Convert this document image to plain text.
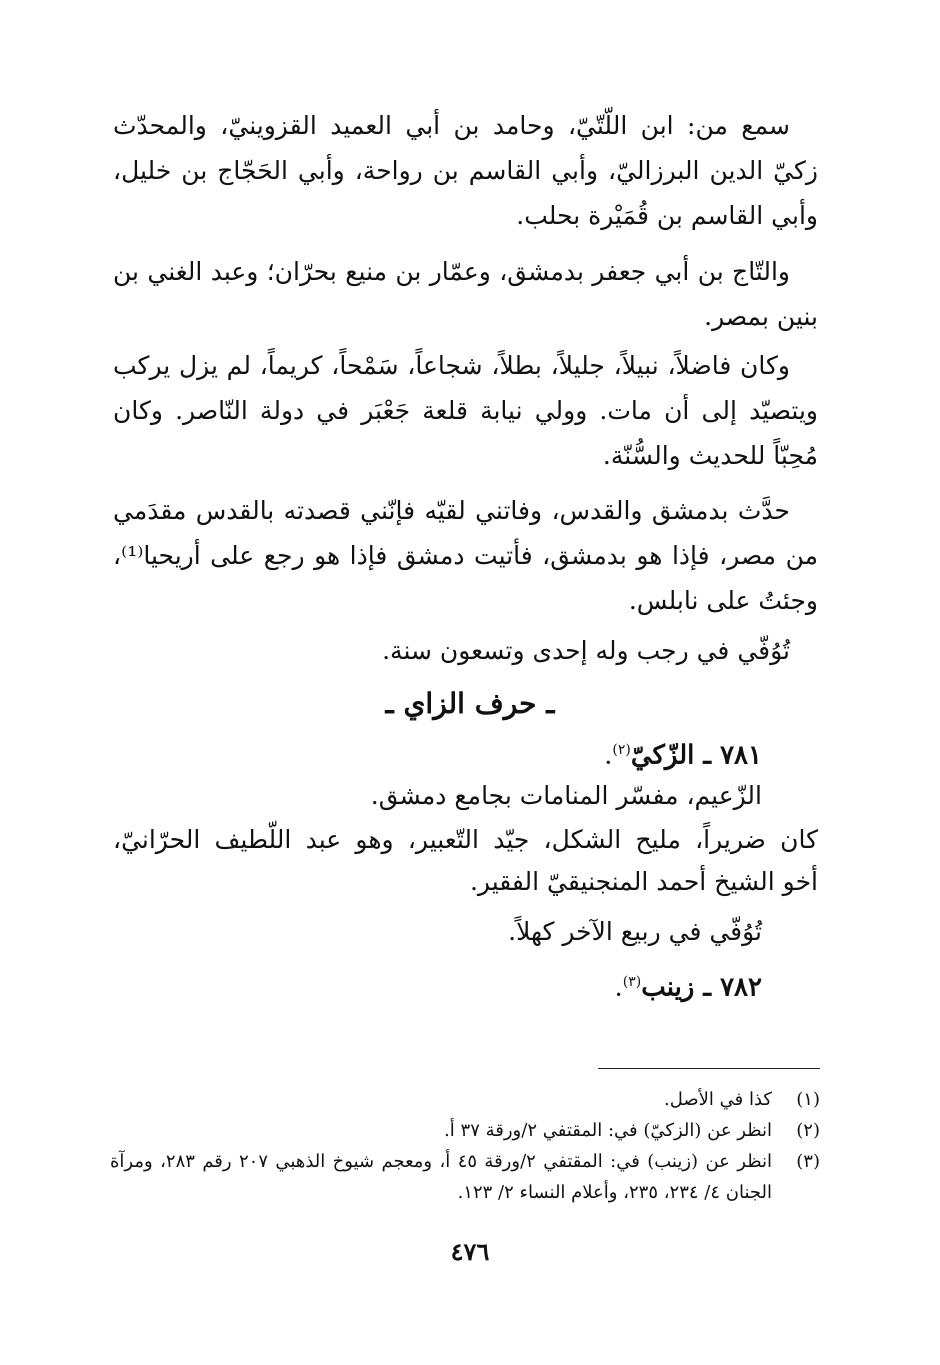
سمع من: ابن اللّتّيّ، وحامد بن أبي العميد القزوينيّ، والمحدّث زكيّ الدين البرزاليّ، وأبي القاسم بن رواحة، وأبي الحَجّاج بن خليل، وأبي القاسم بن قُمَيْرة بحلب.
والتّاج بن أبي جعفر بدمشق، وعمّار بن منيع بحرّان؛ وعبد الغني بن بنين بمصر.
وكان فاضلاً، نبيلاً، جليلاً، بطلاً، شجاعاً، سَمْحاً، كريماً، لم يزل يركب ويتصيّد إلى أن مات. وولي نيابة قلعة جَعْبَر في دولة النّاصر. وكان مُحِبّاً للحديث والسُّنّة.
حدَّث بدمشق والقدس، وفاتني لقيّه فإنّني قصدته بالقدس مقدَمي من مصر، فإذا هو بدمشق، فأتيت دمشق فإذا هو رجع على أريحيا⁽¹⁾، وجئتُ على نابلس.
تُوُفّي في رجب وله إحدى وتسعون سنة.
ـ حرف الزاي ـ
٧٨١ ـ الزّكيّ$^{(٢)}$.
الزّعيم، مفسّر المنامات بجامع دمشق.
كان ضريراً، مليح الشكل، جيّد التّعبير، وهو عبد اللّطيف الحرّانيّ،
أخو الشيخ أحمد المنجنيقيّ الفقير.
تُوُفّي في ربيع الآخر كهلاً.
٧٨٢ ـ زينب$^{(٣)}$.
(١)
كذا في الأصل.
(٢)
انظر عن (الزكيّ) في: المقتفي ٢/ورقة ٣٧ أ.
(٣)
انظر عن (زينب) في: المقتفي ٢/ورقة ٤٥ أ، ومعجم شيوخ الذهبي ٢٠٧ رقم ٢٨٣، ومرآة الجنان ٤/ ٢٣٤، ٢٣٥، وأعلام النساء ٢/ ١٢٣.
٤٧٦
